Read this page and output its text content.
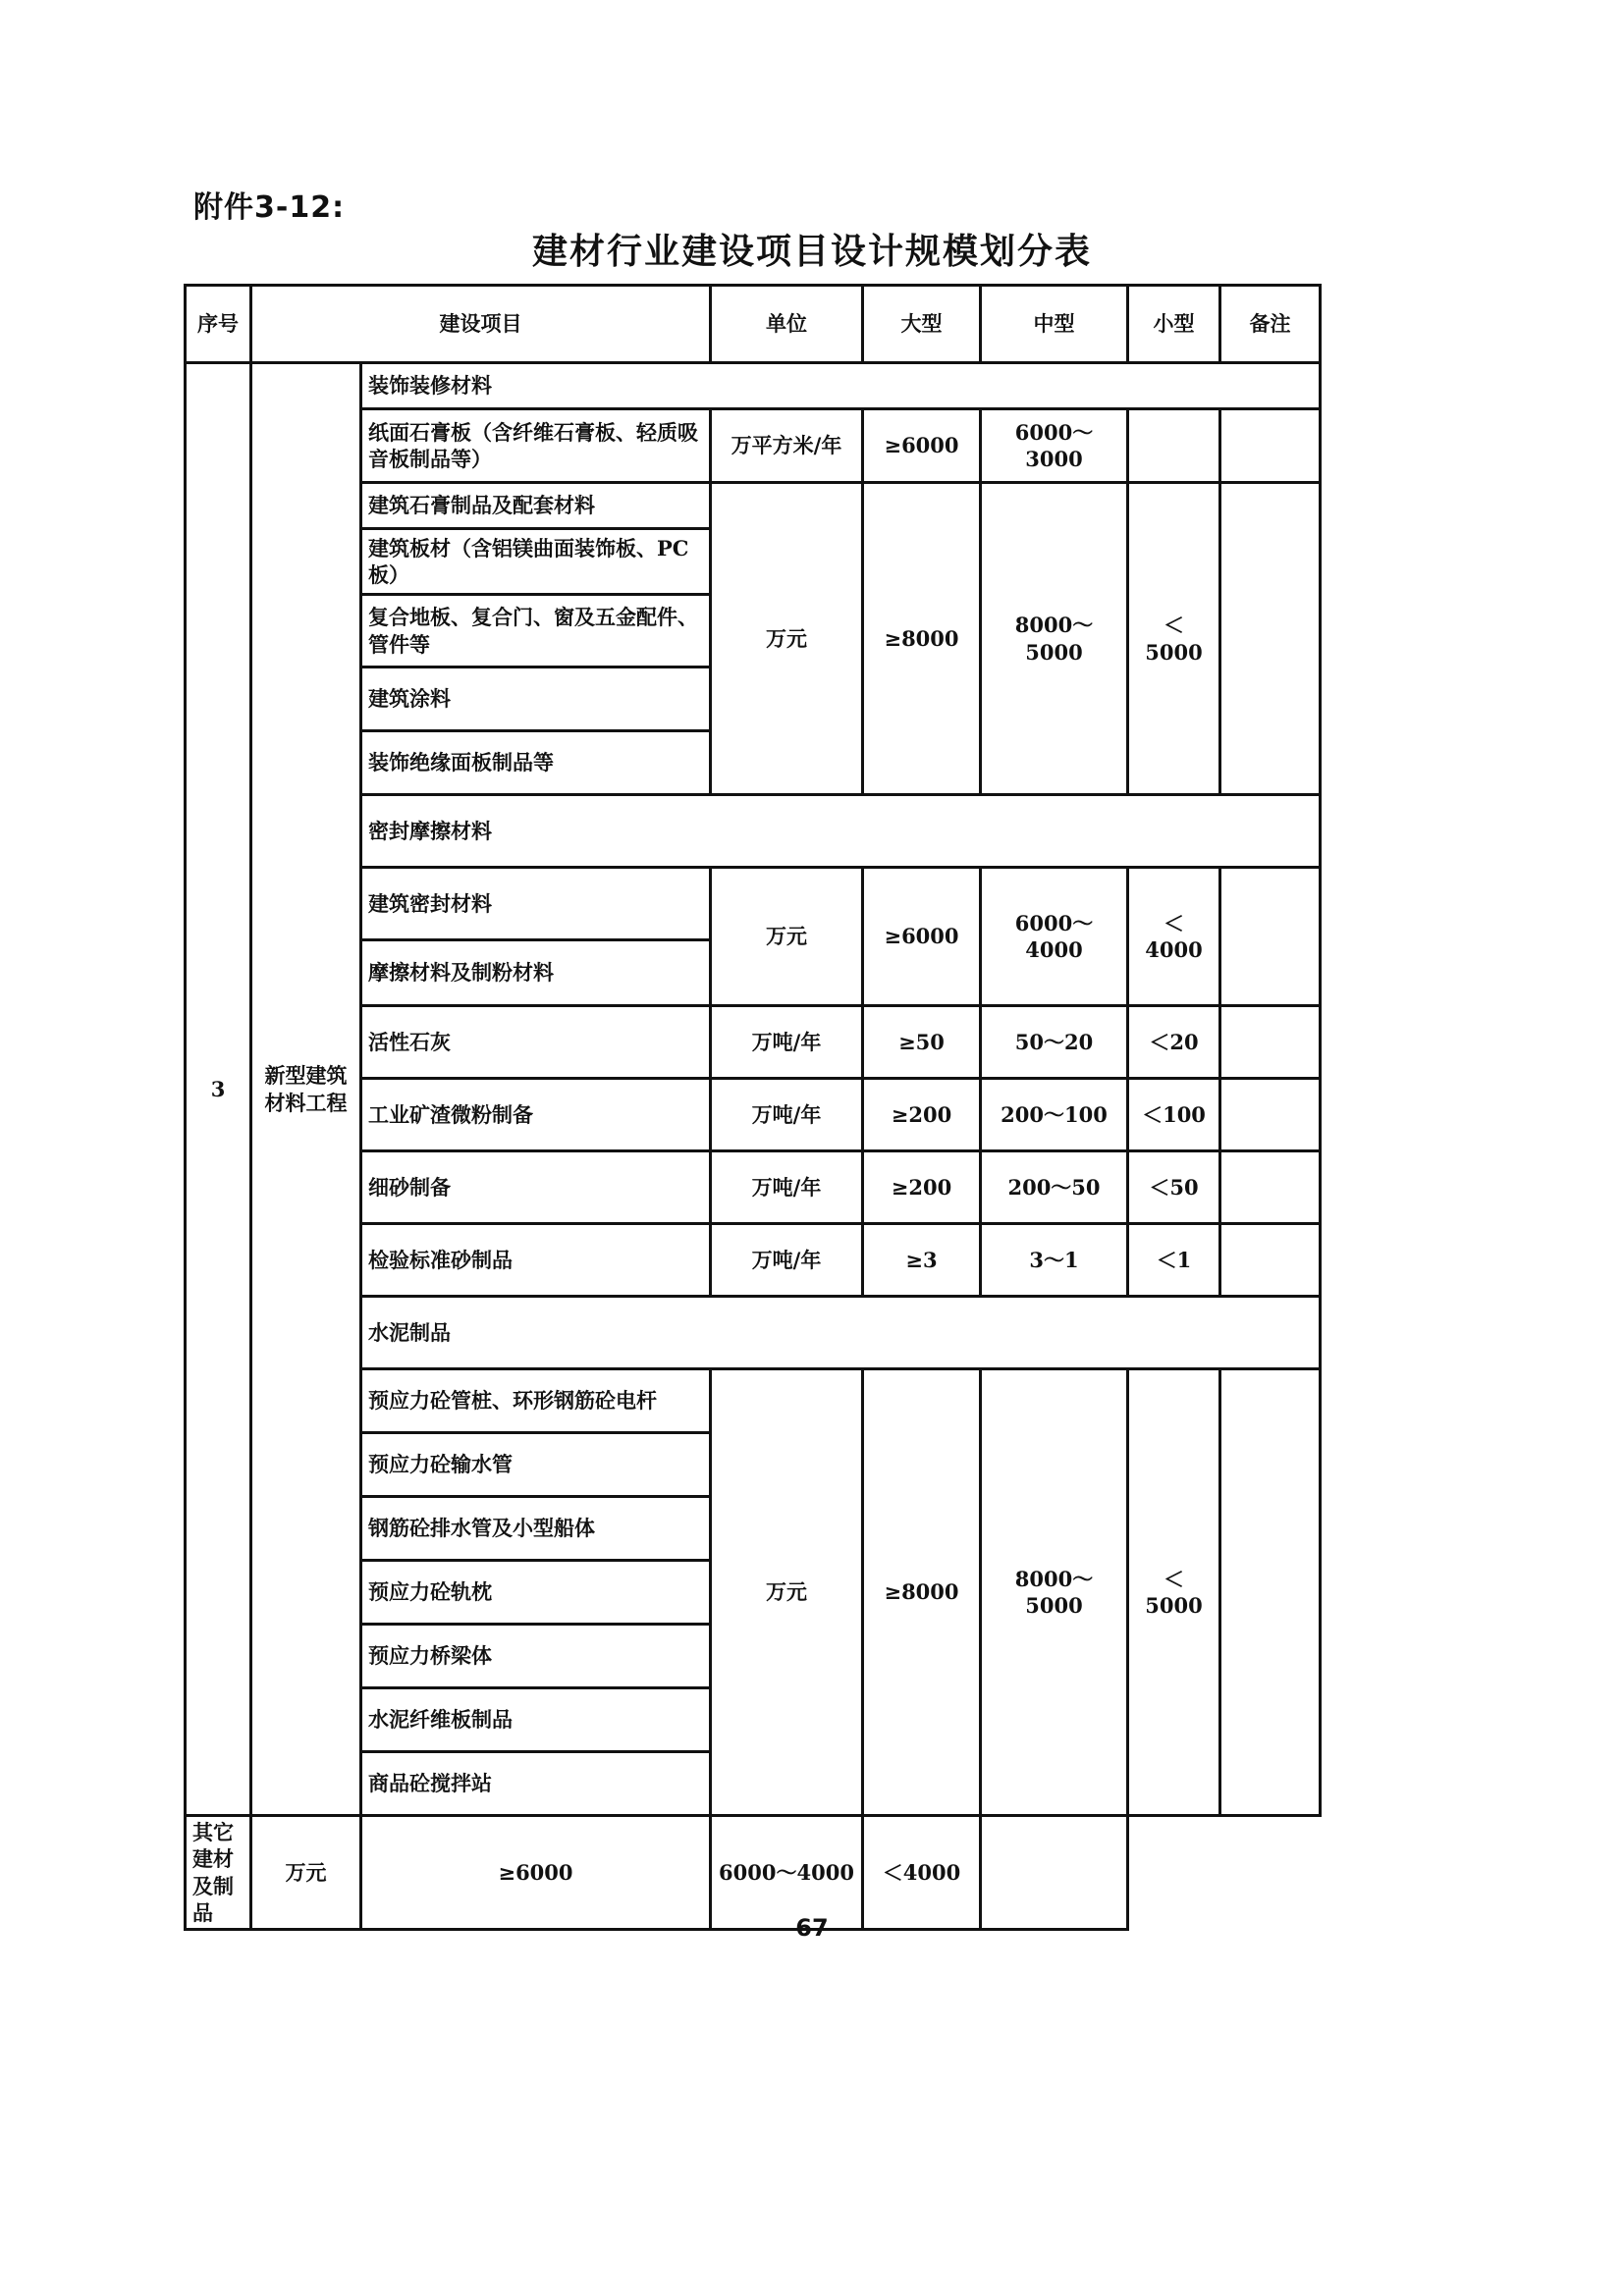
附件3-12:
建材行业建设项目设计规模划分表
序号	建设项目		单位	大型	中型	小型	备注
3	新型建筑材料工程	装饰装修材料					
		纸面石膏板（含纤维石膏板、轻质吸音板制品等）	万平方米/年	≥6000	6000～3000		
		建筑石膏制品及配套材料	万元	≥8000	8000～5000	＜5000	
		建筑板材（含铝镁曲面装饰板、PC板）					
		复合地板、复合门、窗及五金配件、管件等					
		建筑涂料					
		装饰绝缘面板制品等					
		密封摩擦材料					
		建筑密封材料	万元	≥6000	6000～4000	＜4000	
		摩擦材料及制粉材料					
		活性石灰	万吨/年	≥50	50～20	＜20	
		工业矿渣微粉制备	万吨/年	≥200	200～100	＜100	
		细砂制备	万吨/年	≥200	200～50	＜50	
		检验标准砂制品	万吨/年	≥3	3～1	＜1	
		水泥制品					
		预应力砼管桩、环形钢筋砼电杆	万元	≥8000	8000～5000	＜5000	
		预应力砼输水管					
		钢筋砼排水管及小型船体					
		预应力砼轨枕					
		预应力桥梁体					
		水泥纤维板制品					
		商品砼搅拌站					
其它建材及制品	万元	≥6000	6000～4000	＜4000			
67
